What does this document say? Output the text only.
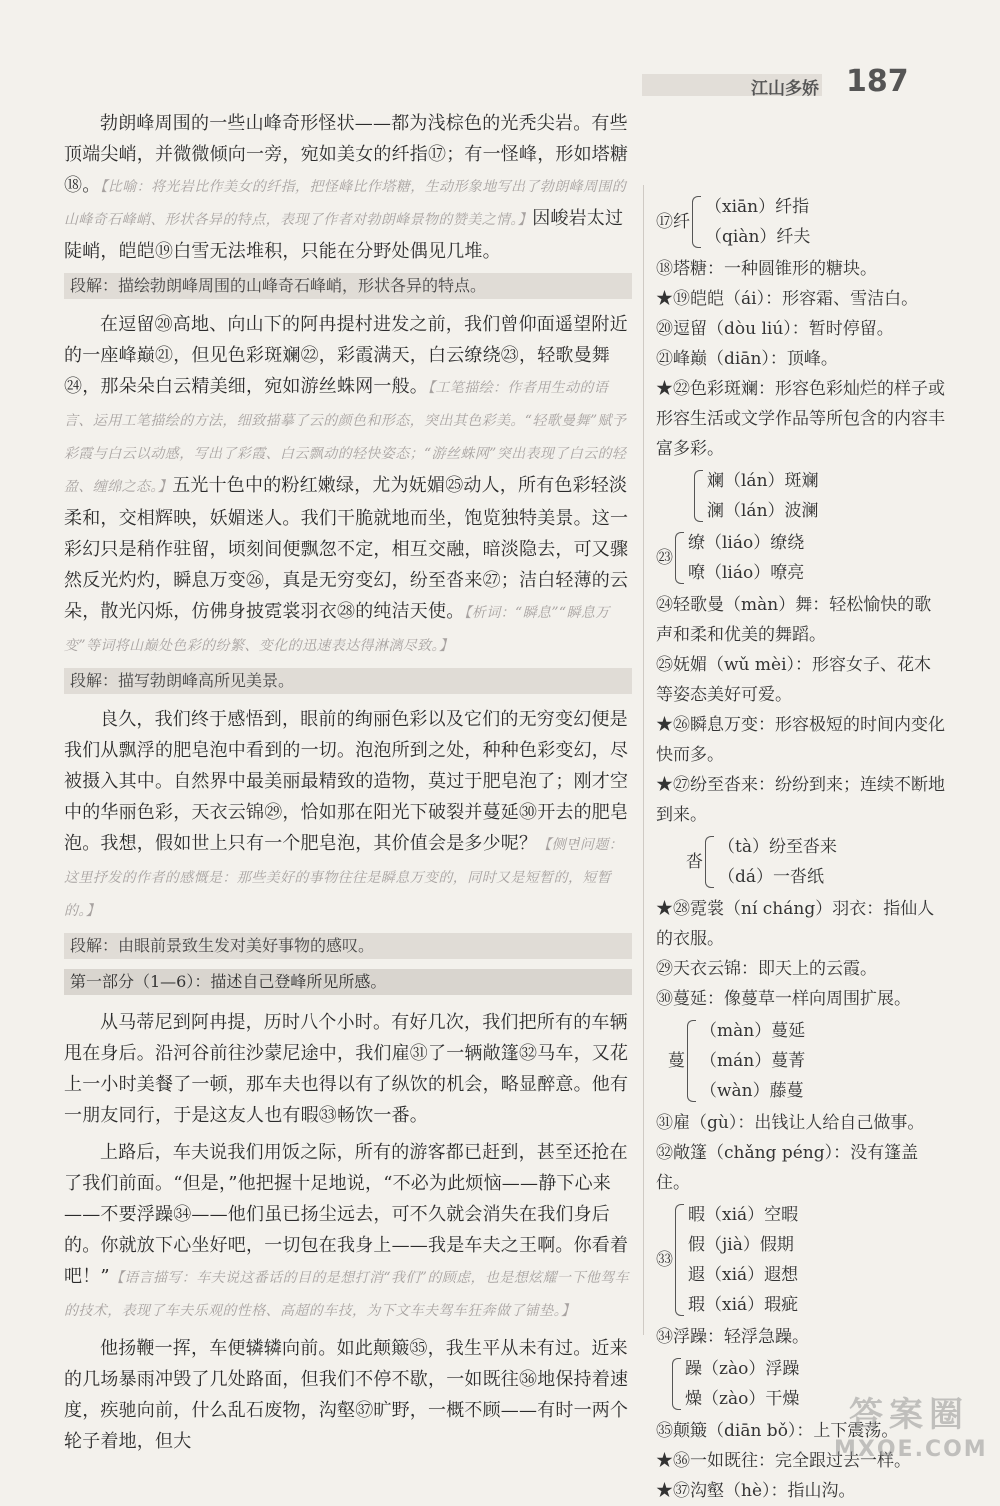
江山多娇 187

勃朗峰周围的一些山峰奇形怪状——都为浅棕色的光秃尖岩。有些顶端尖峭，并微微倾向一旁，宛如美女的纤指⑰；有一怪峰，形如塔糖⑱。【比喻：将光岩比作美女的纤指，把怪峰比作塔糖，生动形象地写出了勃朗峰周围的山峰奇石峰峭、形状各异的特点，表现了作者对勃朗峰景物的赞美之情。】因峻岩太过陡峭，皑皑⑲白雪无法堆积，只能在分野处偶见几堆。

段解：描绘勃朗峰周围的山峰奇石峰峭，形状各异的特点。

在逗留⑳高地、向山下的阿冉提村进发之前，我们曾仰面遥望附近的一座峰巅㉑，但见色彩斑斓㉒，彩霞满天，白云缭绕㉓，轻歌曼舞㉔，那朵朵白云精美细，宛如游丝蛛网一般。【工笔描绘：作者用生动的语言、运用工笔描绘的方法，细致描摹了云的颜色和形态，突出其色彩美。“轻歌曼舞”赋予彩霞与白云以动感，写出了彩霞、白云飘动的轻快姿态；“游丝蛛网”突出表现了白云的轻盈、缠绵之态。】五光十色中的粉红嫩绿，尤为妩媚㉕动人，所有色彩轻淡柔和，交相辉映，妖媚迷人。我们干脆就地而坐，饱览独特美景。这一彩幻只是稍作驻留，顷刻间便飘忽不定，相互交融，暗淡隐去，可又骤然反光灼灼，瞬息万变㉖，真是无穷变幻，纷至沓来㉗；洁白轻薄的云朵，散光闪烁，仿佛身披霓裳羽衣㉘的纯洁天使。【析词：“瞬息”“瞬息万变”等词将山巅处色彩的纷繁、变化的迅速表达得淋漓尽致。】

段解：描写勃朗峰高所见美景。

良久，我们终于感悟到，眼前的绚丽色彩以及它们的无穷变幻便是我们从飘浮的肥皂泡中看到的一切。泡泡所到之处，种种色彩变幻，尽被摄入其中。自然界中最美丽最精致的造物，莫过于肥皂泡了；刚才空中的华丽色彩，天衣云锦㉙，恰如那在阳光下破裂并蔓延㉚开去的肥皂泡。我想，假如世上只有一个肥皂泡，其价值会是多少呢？【侧면问题：这里抒发的作者的感慨是：那些美好的事物往往是瞬息万变的，同时又是短暂的，短暂的。】

段解：由眼前景致生发对美好事物的感叹。
第一部分（1—6）：描述自己登峰所见所感。

从马蒂尼到阿冉提，历时八个小时。有好几次，我们把所有的车辆甩在身后。沿河谷前往沙蒙尼途中，我们雇㉛了一辆敞篷㉜马车，又花上一小时美餐了一顿，那车夫也得以有了纵饮的机会，略显醉意。他有一朋友同行，于是这友人也有暇㉝畅饮一番。

上路后，车夫说我们用饭之际，所有的游客都已赶到，甚至还抢在了我们前面。“但是，”他把握十足地说，“不必为此烦恼——静下心来——不要浮躁㉞——他们虽已扬尘远去，可不久就会消失在我们身后的。你就放下心坐好吧，一切包在我身上——我是车夫之王啊。你看着吧！”【语言描写：车夫说这番话的目的是想打消“我们”的顾虑，也是想炫耀一下他驾车的技术，表现了车夫乐观的性格、高超的车技，为下文车夫驾车狂奔做了铺垫。】

他扬鞭一挥，车便辚辚向前。如此颠簸㉟，我生平从未有过。近来的几场暴雨冲毁了几处路面，但我们不停不歇，一如既往㊱地保持着速度，疾驰向前，什么乱石废物，沟壑㊲旷野，一概不顾——有时一两个轮子着地，但大

⑰纤
（xiān）纤指
（qiàn）纤夫
⑱塔糖：一种圆锥形的糖块。
★⑲皑皑（ái）：形容霜、雪洁白。
⑳逗留（dòu liú）：暂时停留。
㉑峰巅（diān）：顶峰。
★㉒色彩斑斓：形容色彩灿烂的样子或形容生活或文学作品等所包含的内容丰富多彩。
斓（lán）斑斓
澜（lán）波澜
㉓
缭（liáo）缭绕
嘹（liáo）嘹亮
㉔轻歌曼（màn）舞：轻松愉快的歌声和柔和优美的舞蹈。
㉕妩媚（wǔ mèi）：形容女子、花木等姿态美好可爱。
★㉖瞬息万变：形容极短的时间内变化快而多。
★㉗纷至沓来：纷纷到来；连续不断地到来。
沓
（tà）纷至沓来
（dá）一沓纸
★㉘霓裳（ní cháng）羽衣：指仙人的衣服。
㉙天衣云锦：即天上的云霞。
㉚蔓延：像蔓草一样向周围扩展。
蔓
（màn）蔓延
（mán）蔓菁
（wàn）藤蔓
㉛雇（gù）：出钱让人给自己做事。
㉜敞篷（chǎng péng）：没有篷盖住。
㉝
暇（xiá）空暇
假（jià）假期
遐（xiá）遐想
瑕（xiá）瑕疵
㉞浮躁：轻浮急躁。
躁（zào）浮躁
燥（zào）干燥
㉟颠簸（diān bǒ）：上下震荡。
★㊱一如既往：完全跟过去一样。
★㊲沟壑（hè）：指山沟。
答案圈
MXQE.COM
